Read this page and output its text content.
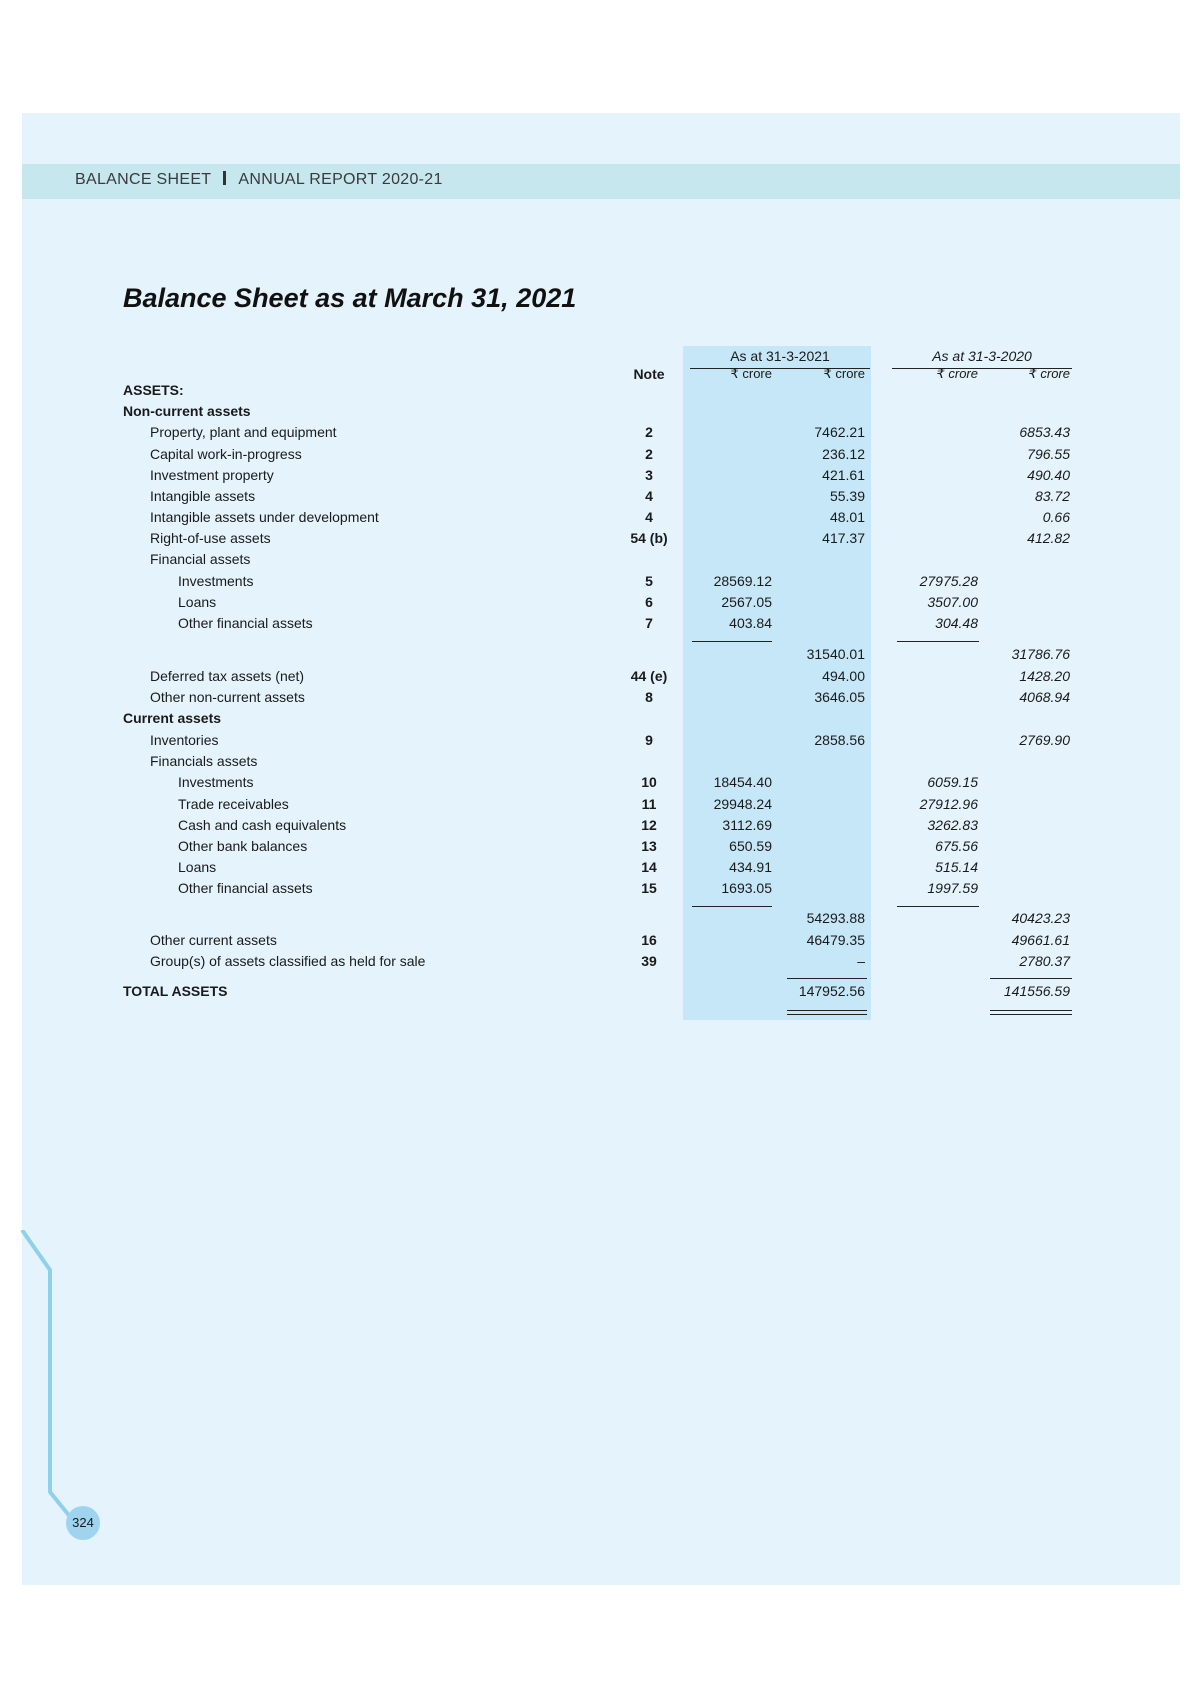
BALANCE SHEET ANNUAL REPORT 2020-21
Balance Sheet as at March 31, 2021
As at 31-3-2021	As at 31-3-2020
Note	₹ crore	₹ crore	₹ crore	₹ crore
ASSETS:
Non-current assets
Property, plant and equipment	2	7462.21	6853.43
Capital work-in-progress	2	236.12	796.55
Investment property	3	421.61	490.40
Intangible assets	4	55.39	83.72
Intangible assets under development	4	48.01	0.66
Right-of-use assets	54 (b)	417.37	412.82
Financial assets
Investments	5	28569.12	27975.28
Loans	6	2567.05	3507.00
Other financial assets	7	403.84	304.48
31540.01	31786.76
Deferred tax assets (net)	44 (e)	494.00	1428.20
Other non-current assets	8	3646.05	4068.94
Current assets
Inventories	9	2858.56	2769.90
Financials assets
Investments	10	18454.40	6059.15
Trade receivables	11	29948.24	27912.96
Cash and cash equivalents	12	3112.69	3262.83
Other bank balances	13	650.59	675.56
Loans	14	434.91	515.14
Other financial assets	15	1693.05	1997.59
54293.88	40423.23
Other current assets	16	46479.35	49661.61
Group(s) of assets classified as held for sale	39	–	2780.37
TOTAL ASSETS	147952.56	141556.59
324
